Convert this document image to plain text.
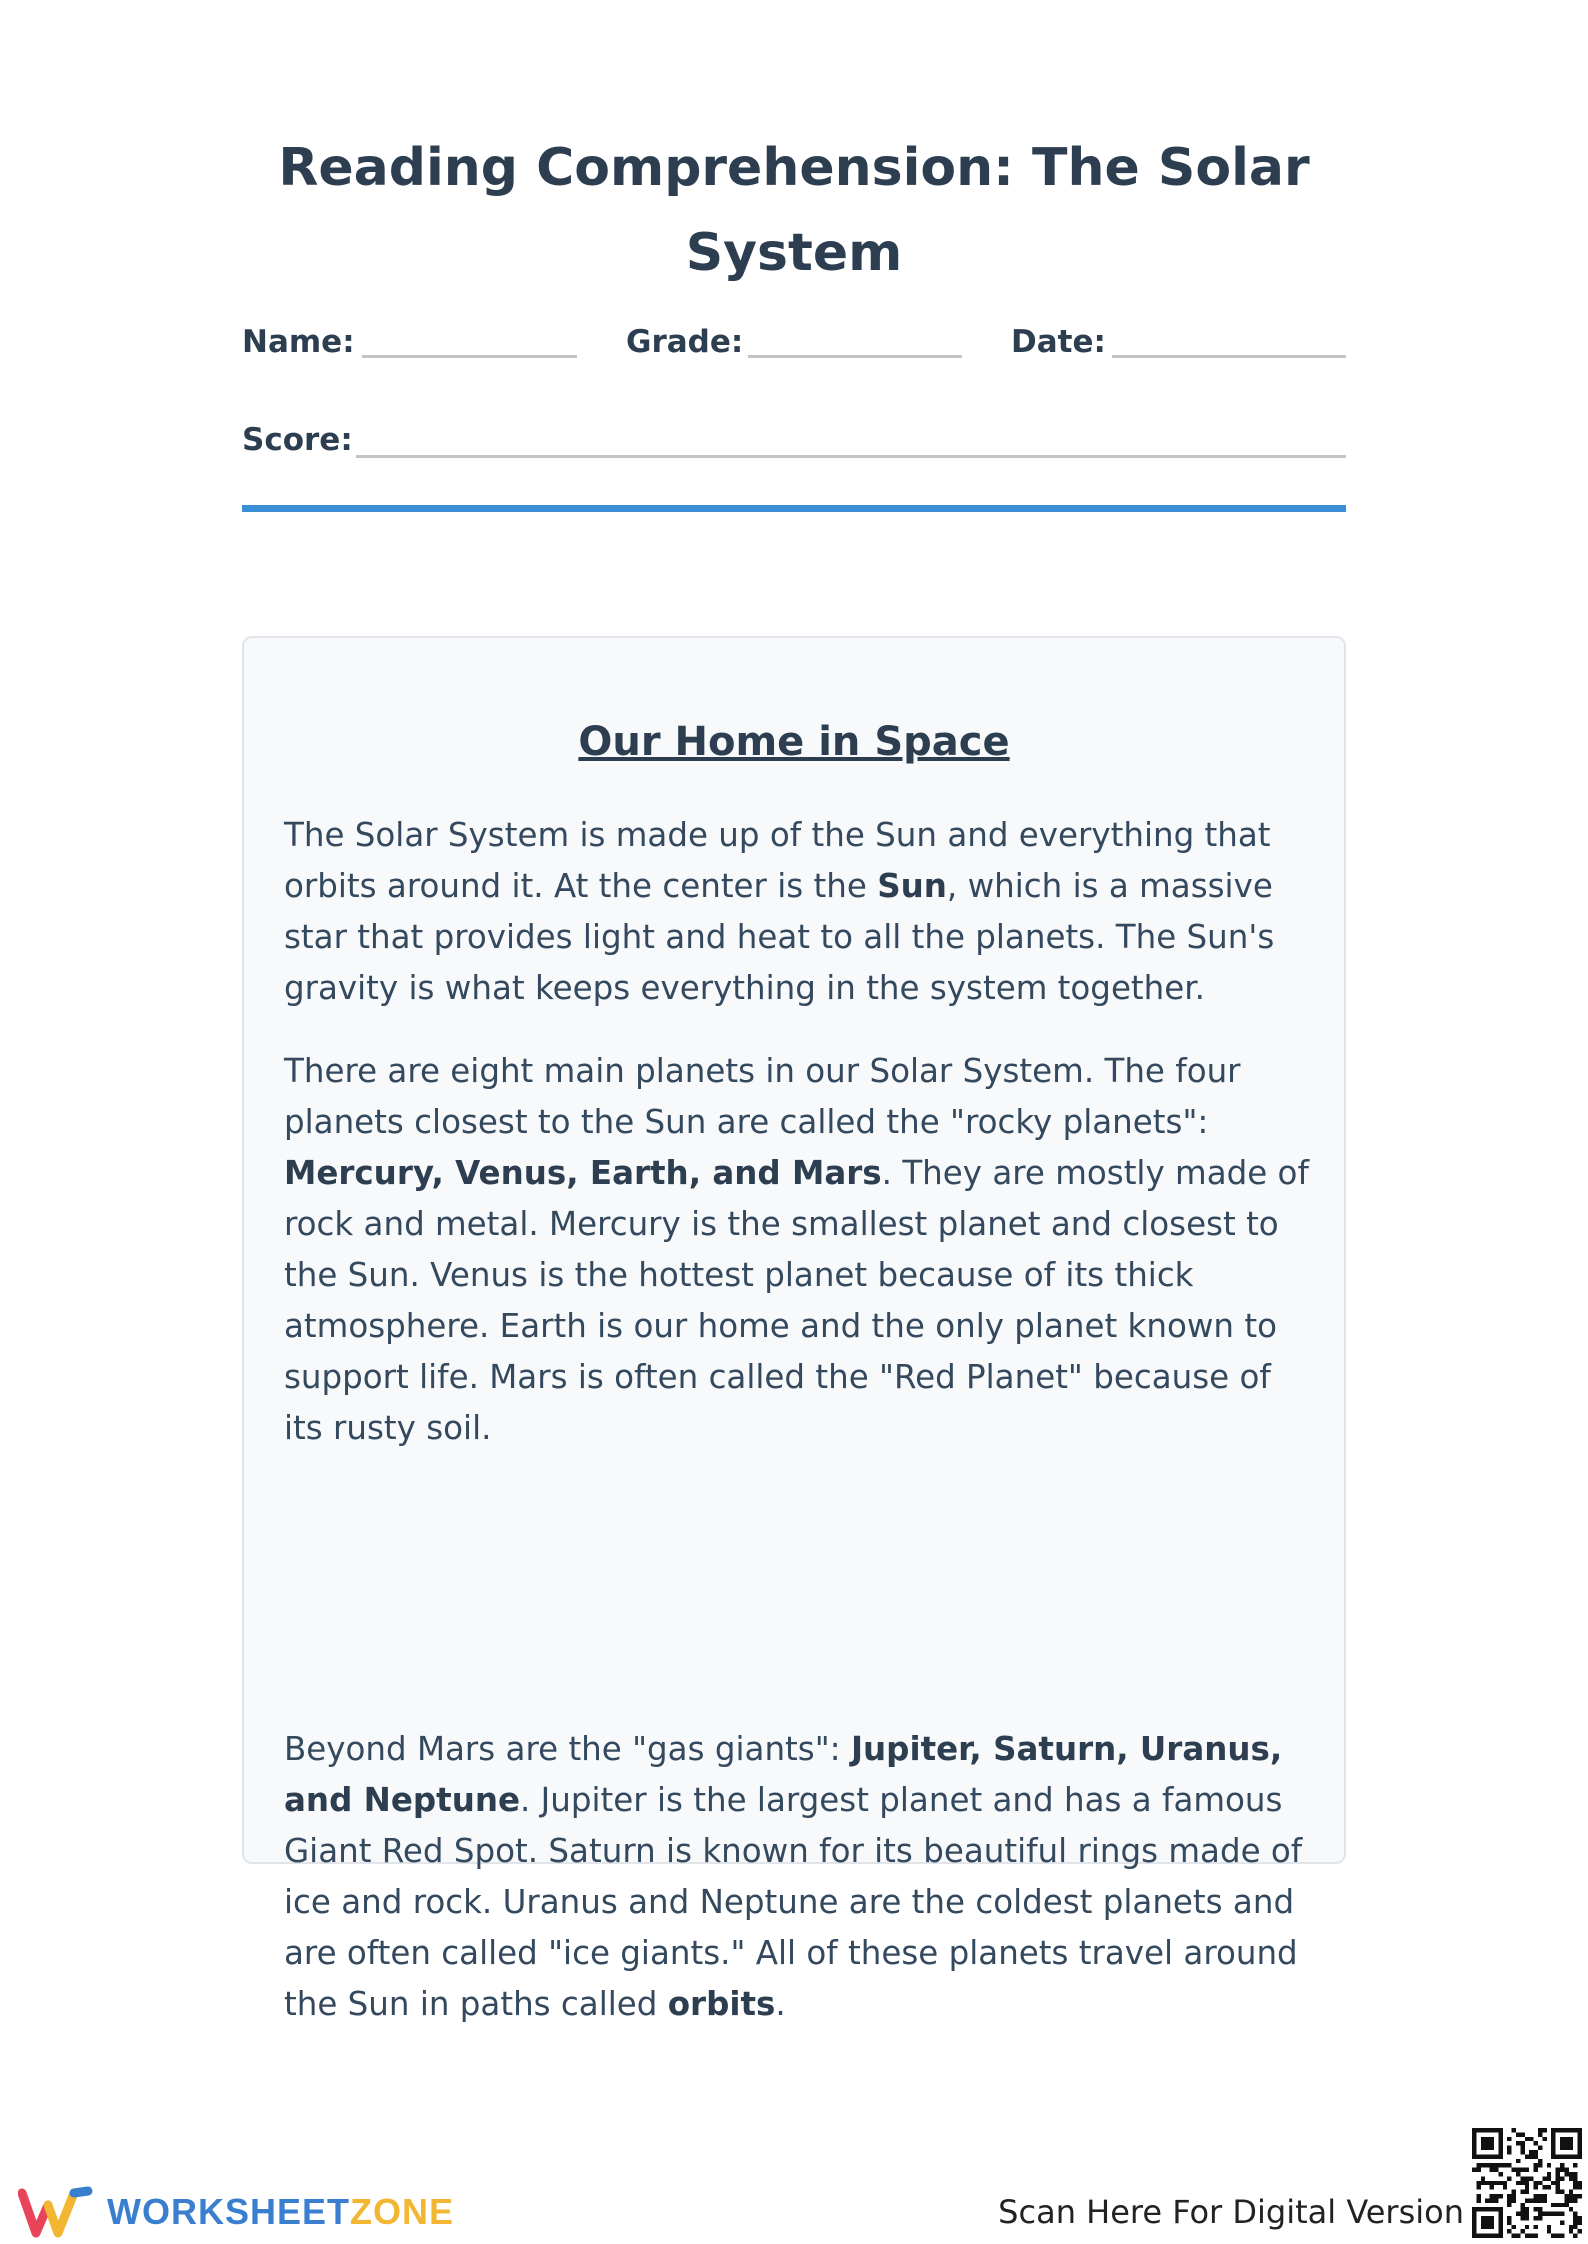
Reading Comprehension: The Solar System
Name:	Grade:	Date:
Score:
Our Home in Space

The Solar System is made up of the Sun and everything that orbits around it. At the center is the Sun, which is a massive star that provides light and heat to all the planets. The Sun's gravity is what keeps everything in the system together.

There are eight main planets in our Solar System. The four planets closest to the Sun are called the "rocky planets": Mercury, Venus, Earth, and Mars. They are mostly made of rock and metal. Mercury is the smallest planet and closest to the Sun. Venus is the hottest planet because of its thick atmosphere. Earth is our home and the only planet known to support life. Mars is often called the "Red Planet" because of its rusty soil.

Beyond Mars are the "gas giants": Jupiter, Saturn, Uranus, and Neptune. Jupiter is the largest planet and has a famous Giant Red Spot. Saturn is known for its beautiful rings made of ice and rock. Uranus and Neptune are the coldest planets and are often called "ice giants." All of these planets travel around the Sun in paths called orbits.

WORKSHEETZONE	Scan Here For Digital Version
